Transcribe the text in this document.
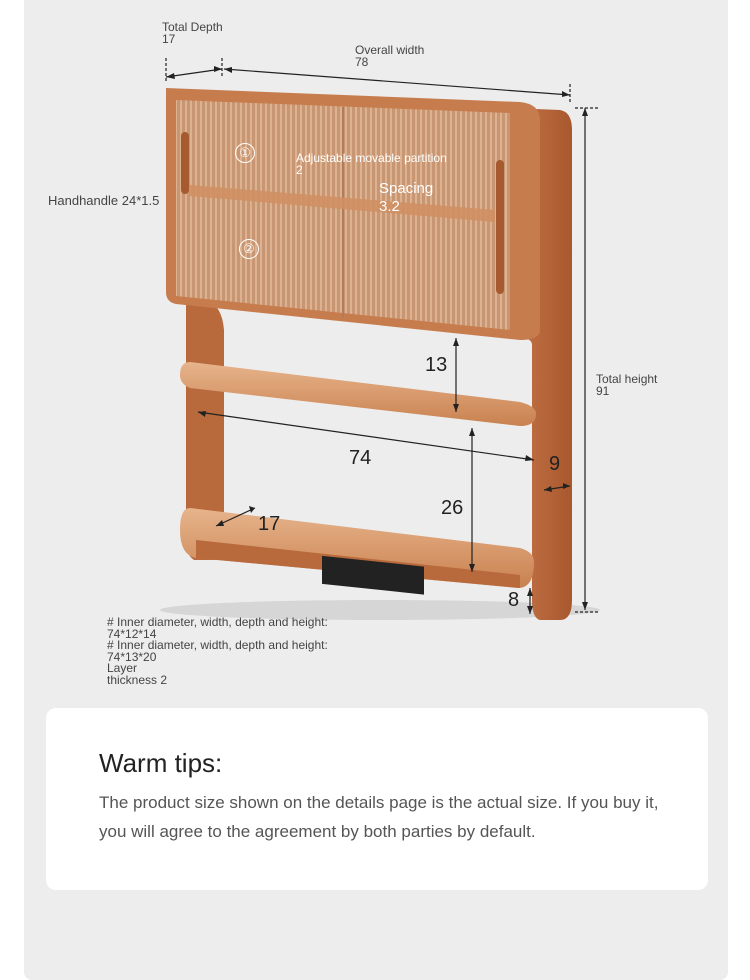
Total Depth
17
Overall width
78
Handhandle 24*1.5
Adjustable movable partition
2
Spacing
3.2
①
②
Total height
91
13
74	9
26
17
8
# Inner diameter, width, depth and height:
74*12*14
# Inner diameter, width, depth and height:
74*13*20
Layer
thickness 2
Warm tips:
The product size shown on the details page is the actual size. If you buy it, you will agree to the agreement by both parties by default.
